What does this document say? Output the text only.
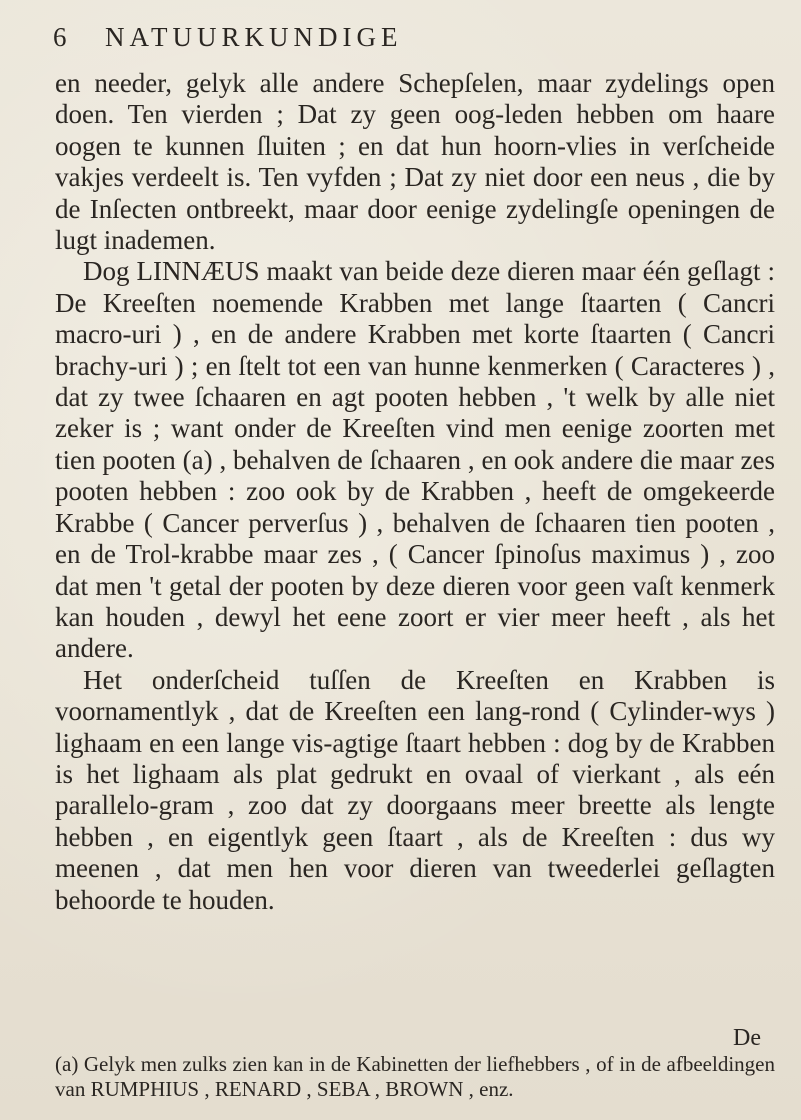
6 NATUURKUNDIGE

en needer, gelyk alle andere Schepſelen, maar zydelings open doen. Ten vierden ; Dat zy geen oog-leden hebben om haare oogen te kunnen ſluiten ; en dat hun hoorn-vlies in verſcheide vakjes verdeelt is. Ten vyfden ; Dat zy niet door een neus , die by de Inſecten ontbreekt, maar door eenige zydelingſe openingen de lugt inademen.

Dog LINNÆUS maakt van beide deze dieren maar één geſlagt : De Kreeſten noemende Krabben met lange ſtaarten ( Cancri macro-uri ) , en de andere Krabben met korte ſtaarten ( Cancri brachy-uri ) ; en ſtelt tot een van hunne kenmerken ( Caracteres ) , dat zy twee ſchaaren en agt pooten hebben , 't welk by alle niet zeker is ; want onder de Kreeſten vind men eenige zoorten met tien pooten (a) , behalven de ſchaaren , en ook andere die maar zes pooten hebben : zoo ook by de Krabben , heeft de omgekeerde Krabbe ( Cancer perverſus ) , behalven de ſchaaren tien pooten , en de Trol-krabbe maar zes , ( Cancer ſpinoſus maximus ) , zoo dat men 't getal der pooten by deze dieren voor geen vaſt kenmerk kan houden , dewyl het eene zoort er vier meer heeft , als het andere.

Het onderſcheid tuſſen de Kreeſten en Krabben is voornamentlyk , dat de Kreeſten een lang-rond ( Cylinder-wys ) lighaam en een lange vis-agtige ſtaart hebben : dog by de Krabben is het lighaam als plat gedrukt en ovaal of vierkant , als eén parallelo-gram , zoo dat zy doorgaans meer breette als lengte hebben , en eigentlyk geen ſtaart , als de Kreeſten : dus wy meenen , dat men hen voor dieren van tweederlei geſlagten behoorde te houden.

De
(a) Gelyk men zulks zien kan in de Kabinetten der liefhebbers , of in de afbeeldingen van RUMPHIUS , RENARD , SEBA , BROWN , enz.
